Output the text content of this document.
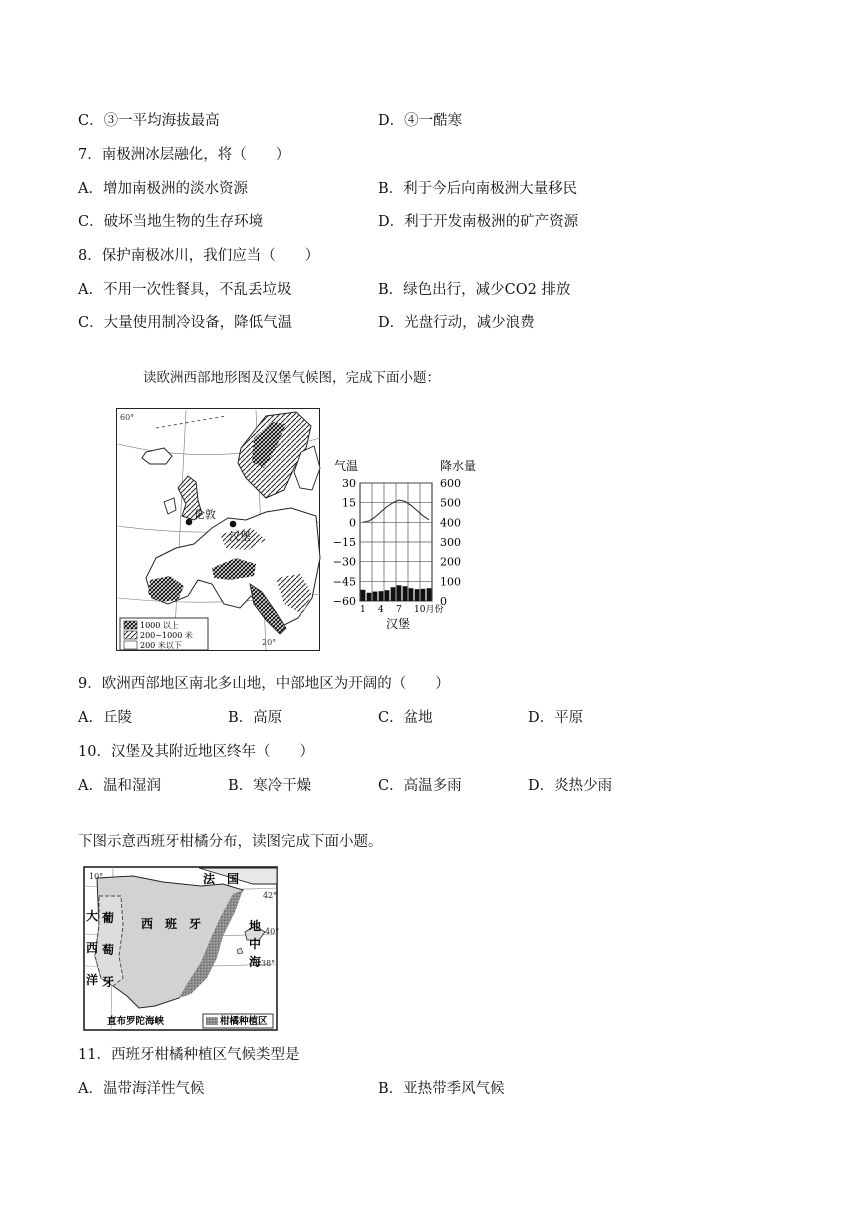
C．③一平均海拔最高	D．④一酷寒
7．南极洲冰层融化，将（　　）
A．增加南极洲的淡水资源	B．利于今后向南极洲大量移民
C．破坏当地生物的生存环境	D．利于开发南极洲的矿产资源
8．保护南极冰川，我们应当（　　）
A．不用一次性餐具，不乱丢垃圾	B．绿色出行，减少CO2 排放
C．大量使用制冷设备，降低气温	D．光盘行动，减少浪费
读欧洲西部地形图及汉堡气候图，完成下面小题：
60°
伦敦
汉堡
20°
1000 以上
200~1000 米
200 米以下
气温	降水量
30
15
0
−15
−30
−45
−60
600
500
400
300
200
100
0
1 4 7 10月份
汉堡
9．欧洲西部地区南北多山地，中部地区为开阔的（　　）
A．丘陵	B．高原	C．盆地	D．平原
10．汉堡及其附近地区终年（　　）
A．温和湿润	B．寒冷干燥	C．高温多雨	D．炎热少雨
下图示意西班牙柑橘分布，读图完成下面小题。
10°	法　国
42°
40°
38°
西　班　牙
葡
萄
牙
大
西
洋
地
中
海
直布罗陀海峡	柑橘种植区
11．西班牙柑橘种植区气候类型是
A．温带海洋性气候	B．亚热带季风气候
